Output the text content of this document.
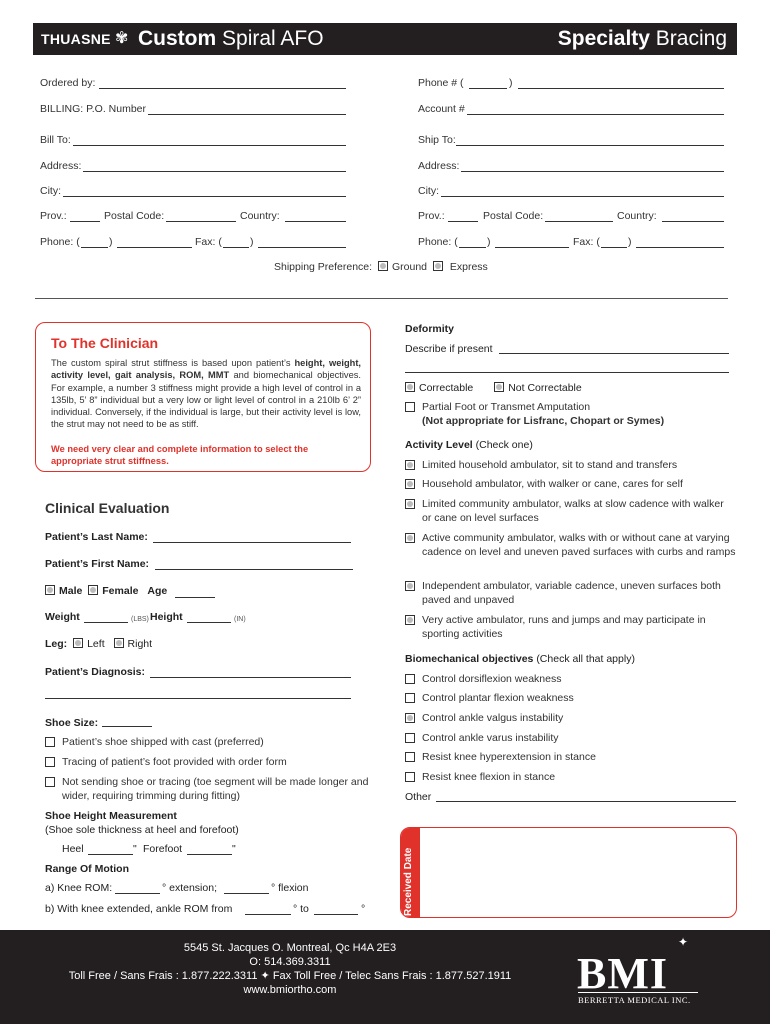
THUASNE ✾ Custom Spiral AFO	Specialty Bracing
Ordered by:
BILLING: P.O. Number
Bill To:
Address:
City:
Prov.:	Postal Code:	Country:
Phone: (	)	Fax: (	)
Phone # (	)
Account #
Ship To:
Address:
City:
Prov.:	Postal Code:	Country:
Phone: (	)	Fax: (	)
Shipping Preference: Ground Express
To The Clinician
The custom spiral strut stiffness is based upon patient’s height, weight, activity level, gait analysis, ROM, MMT and biomechanical objectives. For example, a number 3 stiffness might provide a high level of control in a 135lb, 5’ 8” individual but a very low or light level of control in a 210lb 6’ 2” individual. Conversely, if the individual is large, but their activity level is low, the strut may not need to be as stiff.
We need very clear and complete information to select the appropriate strut stiffness.
Clinical Evaluation
Patient’s Last Name:
Patient’s First Name:
Male Female Age
Weight	(LBS) Height	(IN)
Leg: Left Right
Patient’s Diagnosis:
Shoe Size:
Patient’s shoe shipped with cast (preferred)
Tracing of patient’s foot provided with order form
Not sending shoe or tracing (toe segment will be made longer and wider, requiring trimming during fitting)
Shoe Height Measurement
(Shoe sole thickness at heel and forefoot)
Heel	" Forefoot	"
Range Of Motion
a) Knee ROM:	° extension;	° flexion
b) With knee extended, ankle ROM from	° to	°
Deformity
Describe if present
Correctable	Not Correctable
Partial Foot or Transmet Amputation
(Not appropriate for Lisfranc, Chopart or Symes)
Activity Level (Check one)
Limited household ambulator, sit to stand and transfers
Household ambulator, with walker or cane, cares for self
Limited community ambulator, walks at slow cadence with walker or cane on level surfaces
Active community ambulator, walks with or without cane at varying cadence on level and uneven paved surfaces with curbs and ramps
Independent ambulator, variable cadence, uneven surfaces both paved and unpaved
Very active ambulator, runs and jumps and may participate in sporting activities
Biomechanical objectives (Check all that apply)
Control dorsiflexion weakness
Control plantar flexion weakness
Control ankle valgus instability
Control ankle varus instability
Resist knee hyperextension in stance
Resist knee flexion in stance
Other
Received Date
5545 St. Jacques O. Montreal, Qc H4A 2E3
O: 514.369.3311
Toll Free / Sans Frais : 1.877.222.3311 ✦ Fax Toll Free / Telec Sans Frais : 1.877.527.1911
www.bmiortho.com
✦
BMI
BERRETTA MEDICAL INC.
